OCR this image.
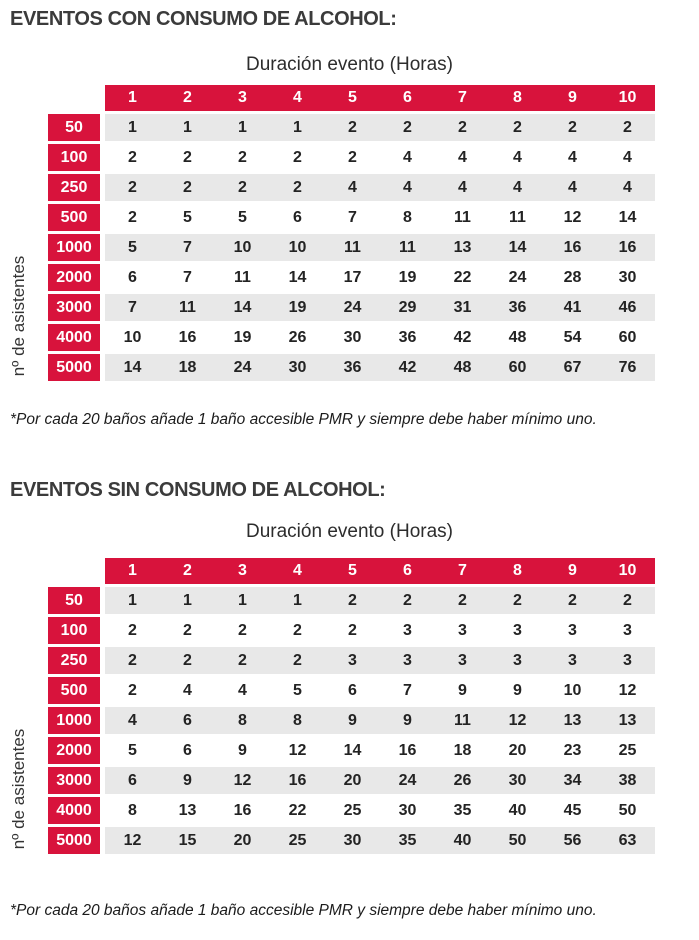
EVENTOS CON CONSUMO DE ALCOHOL:
Duración evento (Horas)
nº de asistentes
1	2	3	4	5	6	7	8	9	10
50	1	1	1	1	2	2	2	2	2	2
100	2	2	2	2	2	4	4	4	4	4
250	2	2	2	2	4	4	4	4	4	4
500	2	5	5	6	7	8	11	11	12	14
1000	5	7	10	10	11	11	13	14	16	16
2000	6	7	11	14	17	19	22	24	28	30
3000	7	11	14	19	24	29	31	36	41	46
4000	10	16	19	26	30	36	42	48	54	60
5000	14	18	24	30	36	42	48	60	67	76

*Por cada 20 baños añade 1 baño accesible PMR y siempre debe haber mínimo uno.

EVENTOS SIN CONSUMO DE ALCOHOL:
Duración evento (Horas)
nº de asistentes
1	2	3	4	5	6	7	8	9	10
50	1	1	1	1	2	2	2	2	2	2
100	2	2	2	2	2	3	3	3	3	3
250	2	2	2	2	3	3	3	3	3	3
500	2	4	4	5	6	7	9	9	10	12
1000	4	6	8	8	9	9	11	12	13	13
2000	5	6	9	12	14	16	18	20	23	25
3000	6	9	12	16	20	24	26	30	34	38
4000	8	13	16	22	25	30	35	40	45	50
5000	12	15	20	25	30	35	40	50	56	63

*Por cada 20 baños añade 1 baño accesible PMR y siempre debe haber mínimo uno.
